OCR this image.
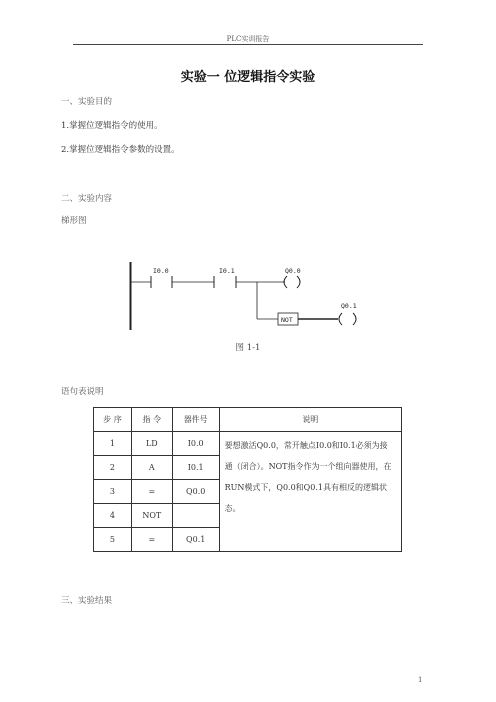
PLC实训报告
实验一 位逻辑指令实验
一、实验目的
1.掌握位逻辑指令的使用。
2.掌握位逻辑指令参数的设置。
二、实验内容
梯形图
I0.0	I0.1	Q0.0
Q0.1
NOT
图 1-1
语句表说明
步 序	指 令	器件号	说明
1	LD	I0.0	要想激活Q0.0，常开触点I0.0和I0.1必须为接通（闭合）。NOT指令作为一个组向器使用，在RUN模式下，Q0.0和Q0.1具有相反的逻辑状态。
2	A	I0.1	
3	=	Q0.0	
4	NOT		
5	=	Q0.1	
三、实验结果
1
